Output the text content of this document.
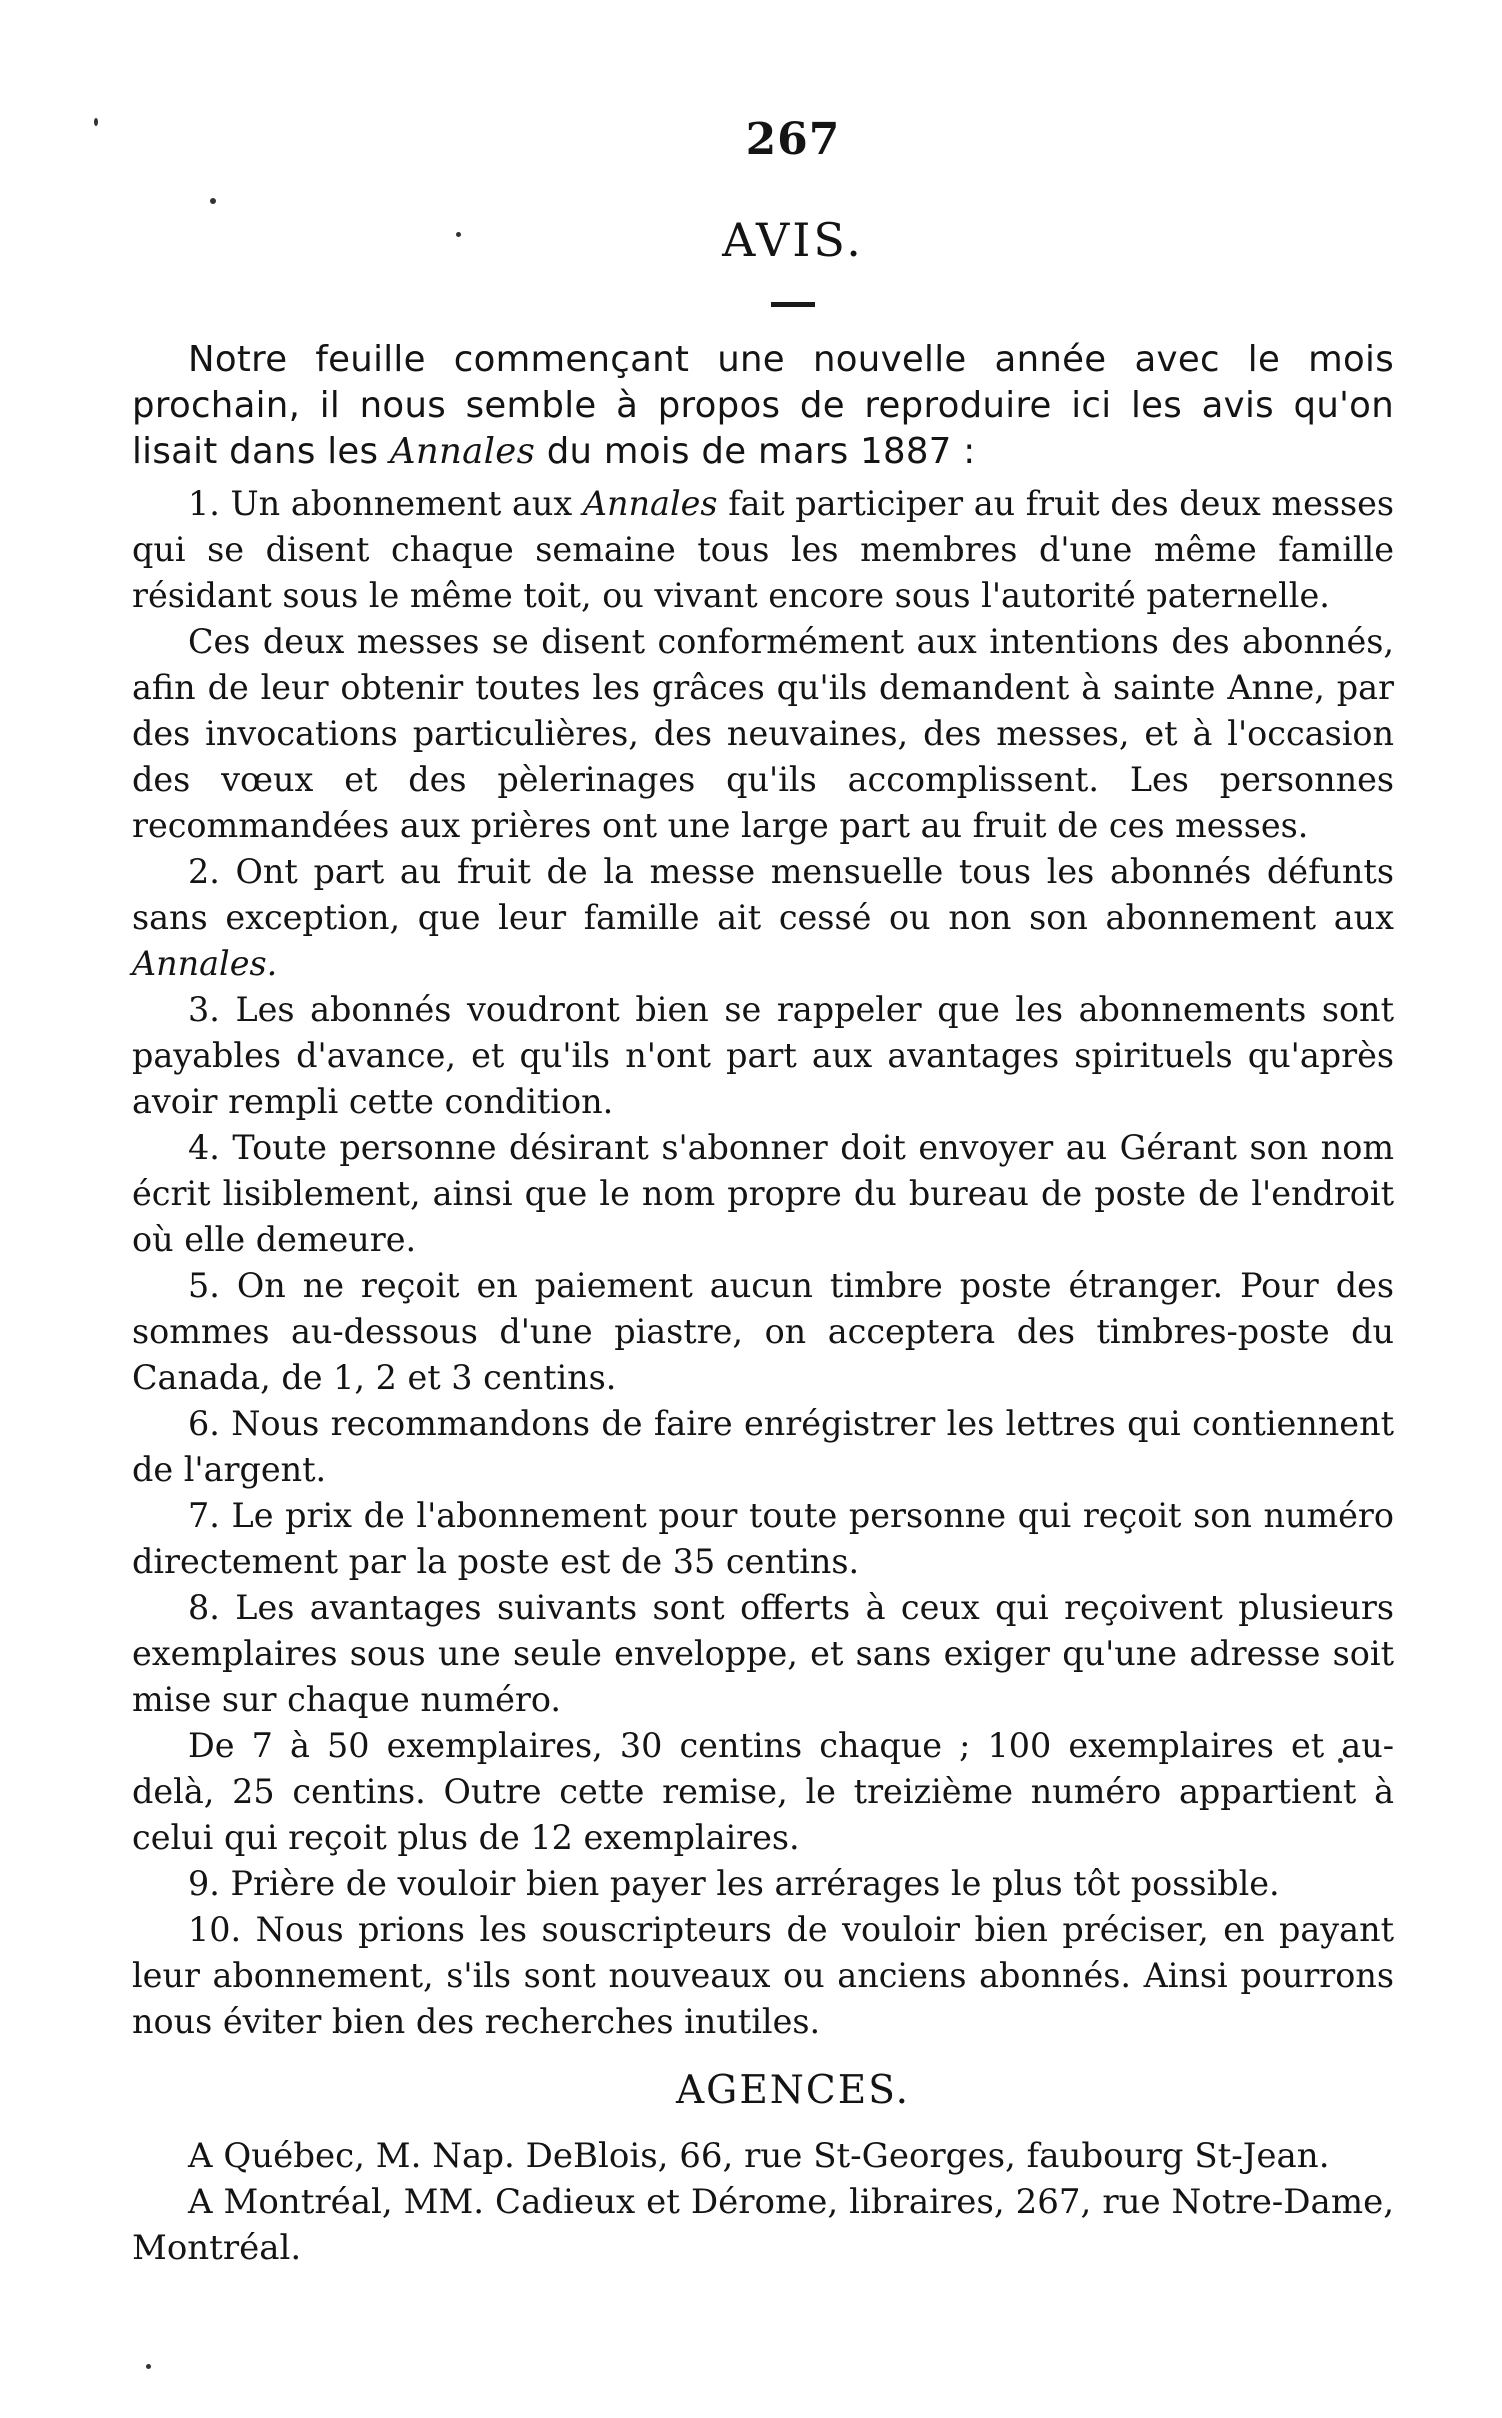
267
AVIS.

Notre feuille commençant une nouvelle année avec le mois prochain, il nous semble à propos de reproduire ici les avis qu'on lisait dans les Annales du mois de mars 1887 :

1. Un abonnement aux Annales fait participer au fruit des deux messes qui se disent chaque semaine tous les membres d'une même famille résidant sous le même toit, ou vivant encore sous l'autorité paternelle.

Ces deux messes se disent conformément aux intentions des abonnés, afin de leur obtenir toutes les grâces qu'ils demandent à sainte Anne, par des invocations particulières, des neuvaines, des messes, et à l'occasion des vœux et des pèlerinages qu'ils accomplissent. Les personnes recommandées aux prières ont une large part au fruit de ces messes.

2. Ont part au fruit de la messe mensuelle tous les abonnés défunts sans exception, que leur famille ait cessé ou non son abonnement aux Annales.

3. Les abonnés voudront bien se rappeler que les abonnements sont payables d'avance, et qu'ils n'ont part aux avantages spirituels qu'après avoir rempli cette condition.

4. Toute personne désirant s'abonner doit envoyer au Gérant son nom écrit lisiblement, ainsi que le nom propre du bureau de poste de l'endroit où elle demeure.

5. On ne reçoit en paiement aucun timbre poste étranger. Pour des sommes au-dessous d'une piastre, on acceptera des timbres-poste du Canada, de 1, 2 et 3 centins.

6. Nous recommandons de faire enrégistrer les lettres qui contiennent de l'argent.

7. Le prix de l'abonnement pour toute personne qui reçoit son numéro directement par la poste est de 35 centins.

8. Les avantages suivants sont offerts à ceux qui reçoivent plusieurs exemplaires sous une seule enveloppe, et sans exiger qu'une adresse soit mise sur chaque numéro.

De 7 à 50 exemplaires, 30 centins chaque ; 100 exemplaires et au-delà, 25 centins. Outre cette remise, le treizième numéro appartient à celui qui reçoit plus de 12 exemplaires.

9. Prière de vouloir bien payer les arrérages le plus tôt possible.

10. Nous prions les souscripteurs de vouloir bien préciser, en payant leur abonnement, s'ils sont nouveaux ou anciens abonnés. Ainsi pourrons nous éviter bien des recherches inutiles.

AGENCES.

A Québec, M. Nap. DeBlois, 66, rue St-Georges, faubourg St-Jean.

A Montréal, MM. Cadieux et Dérome, libraires, 267, rue Notre-Dame, Montréal.
